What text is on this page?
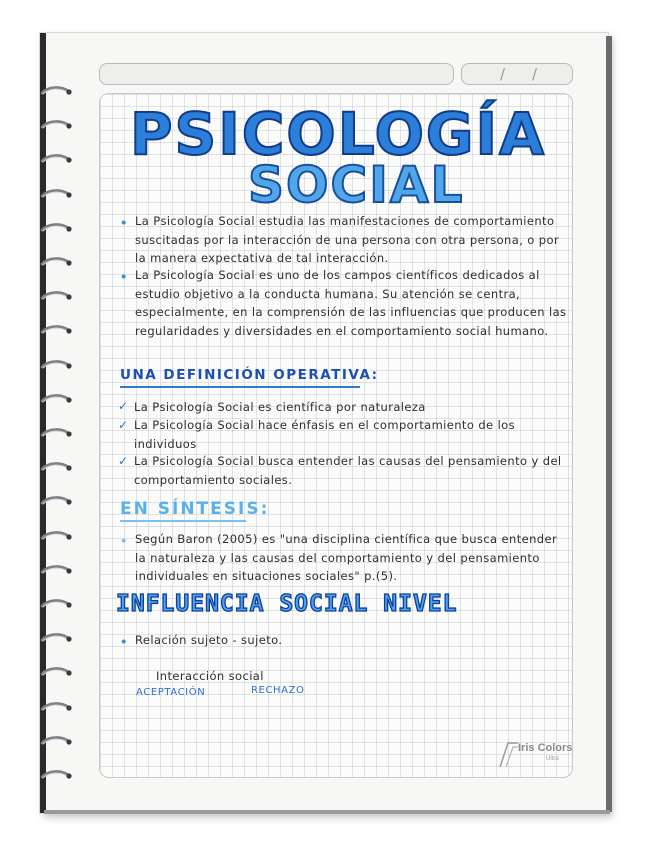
/ /
PSICOLOGÍA
SOCIAL
• La Psicología Social estudia las manifestaciones de comportamiento suscitadas por la interacción de una persona con otra persona, o por la manera expectativa de tal interacción.
• La Psicología Social es uno de los campos científicos dedicados al estudio objetivo a la conducta humana. Su atención se centra, especialmente, en la comprensión de las influencias que producen las regularidades y diversidades en el comportamiento social humano.
UNA DEFINICIÓN OPERATIVA:
✓ La Psicología Social es científica por naturaleza
✓ La Psicología Social hace énfasis en el comportamiento de los individuos
✓ La Psicología Social busca entender las causas del pensamiento y del comportamiento sociales.
EN SÍNTESIS:
• Según Baron (2005) es "una disciplina científica que busca entender la naturaleza y las causas del comportamiento y del pensamiento individuales en situaciones sociales" p.(5).
INFLUENCIA SOCIAL NIVEL
• Relación sujeto - sujeto.
Interacción social
ACEPTACIÓN	RECHAZO
Iris Colors
Ultra
